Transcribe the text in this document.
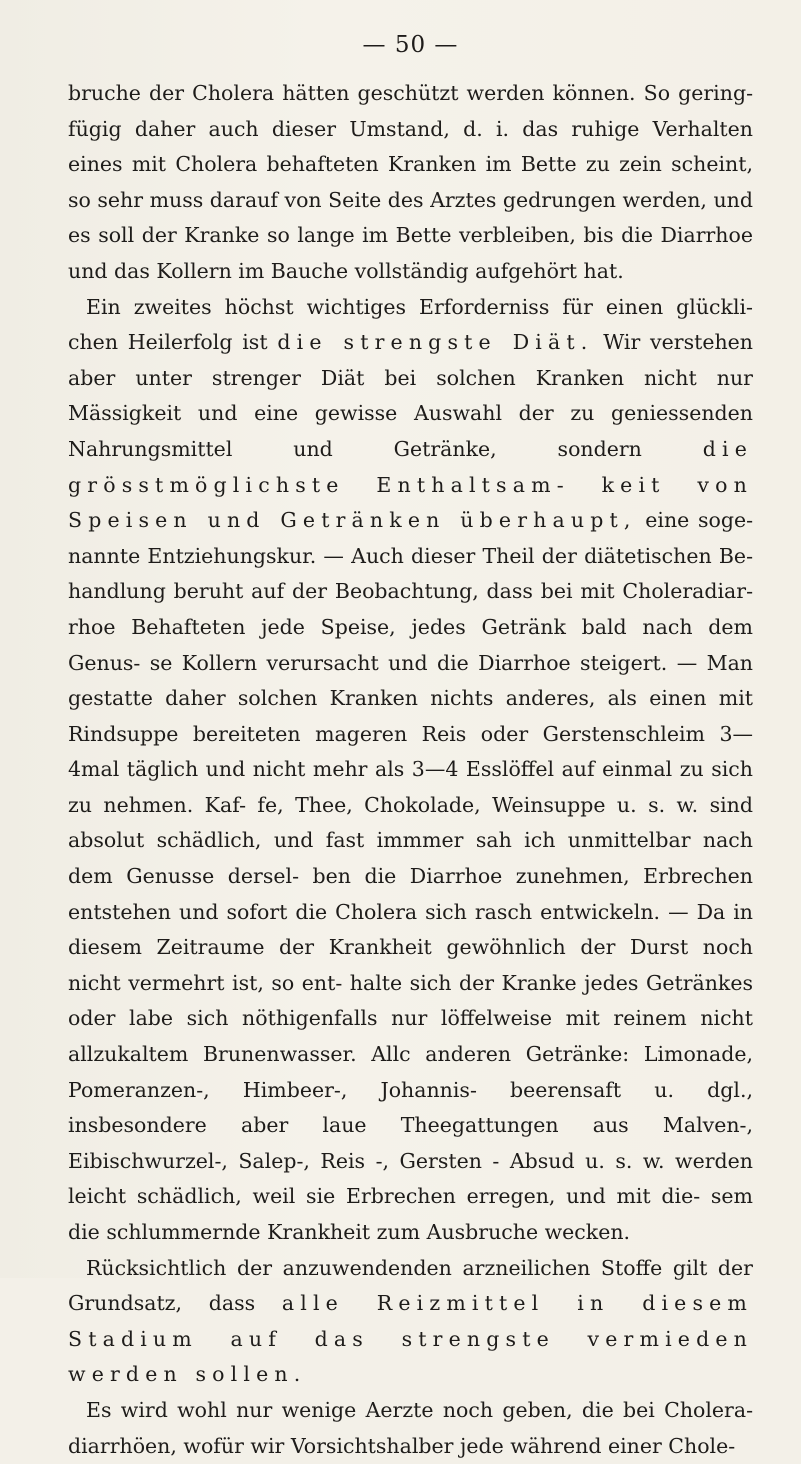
— 50 —

bruche der Cholera hätten geschützt werden können. So gering- fügig daher auch dieser Umstand, d. i. das ruhige Verhalten eines mit Cholera behafteten Kranken im Bette zu zein scheint, so sehr muss darauf von Seite des Arztes gedrungen werden, und es soll der Kranke so lange im Bette verbleiben, bis die Diarrhoe und das Kollern im Bauche vollständig aufgehört hat.

Ein zweites höchst wichtiges Erforderniss für einen glückli- chen Heilerfolg ist die strengste Diät. Wir verstehen aber unter strenger Diät bei solchen Kranken nicht nur Mässigkeit und eine gewisse Auswahl der zu geniessenden Nahrungsmittel und Getränke, sondern die grösstmöglichste Enthaltsam- keit von Speisen und Getränken überhaupt, eine soge- nannte Entziehungskur. — Auch dieser Theil der diätetischen Be- handlung beruht auf der Beobachtung, dass bei mit Choleradiar- rhoe Behafteten jede Speise, jedes Getränk bald nach dem Genus- se Kollern verursacht und die Diarrhoe steigert. — Man gestatte daher solchen Kranken nichts anderes, als einen mit Rindsuppe bereiteten mageren Reis oder Gerstenschleim 3—4mal täglich und nicht mehr als 3—4 Esslöffel auf einmal zu sich zu nehmen. Kaf- fe, Thee, Chokolade, Weinsuppe u. s. w. sind absolut schädlich, und fast immmer sah ich unmittelbar nach dem Genusse dersel- ben die Diarrhoe zunehmen, Erbrechen entstehen und sofort die Cholera sich rasch entwickeln. — Da in diesem Zeitraume der Krankheit gewöhnlich der Durst noch nicht vermehrt ist, so ent- halte sich der Kranke jedes Getränkes oder labe sich nöthigenfalls nur löffelweise mit reinem nicht allzukaltem Brunenwasser. Allc anderen Getränke: Limonade, Pomeranzen-, Himbeer-, Johannis- beerensaft u. dgl., insbesondere aber laue Theegattungen aus Malven-, Eibischwurzel-, Salep-, Reis -, Gersten - Absud u. s. w. werden leicht schädlich, weil sie Erbrechen erregen, und mit die- sem die schlummernde Krankheit zum Ausbruche wecken.

Rücksichtlich der anzuwendenden arzneilichen Stoffe gilt der Grundsatz, dass alle Reizmittel in diesem Stadium auf das strengste vermieden werden sollen.

Es wird wohl nur wenige Aerzte noch geben, die bei Cholera- diarrhöen, wofür wir Vorsichtshalber jede während einer Chole-
